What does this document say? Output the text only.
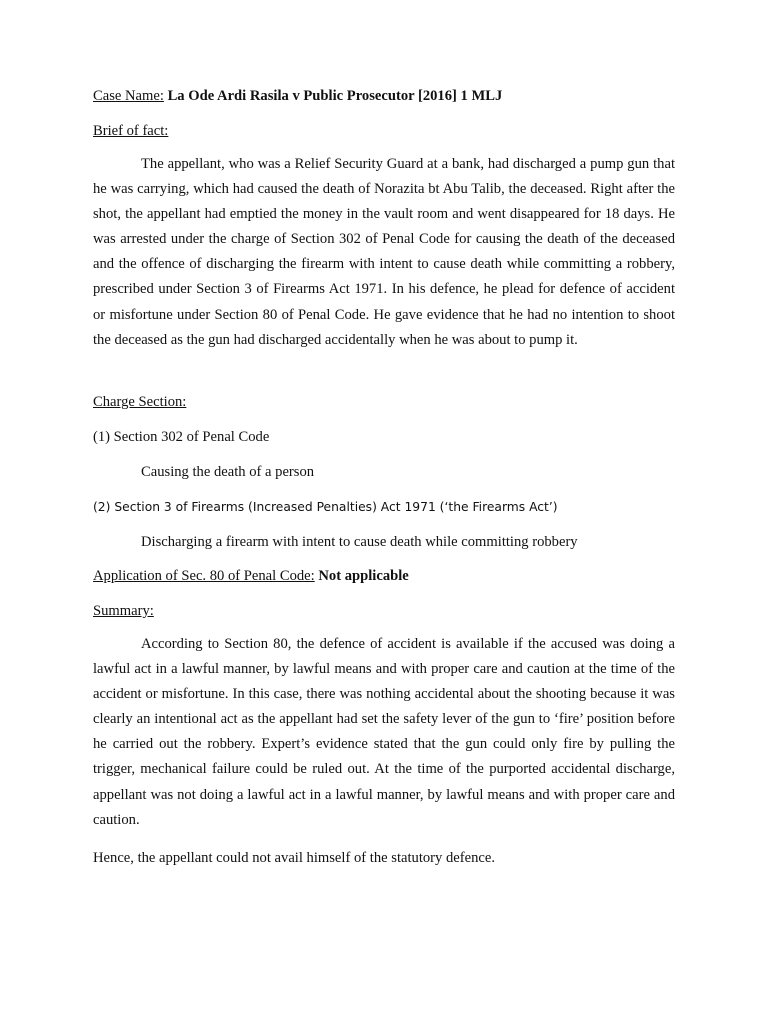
Case Name: La Ode Ardi Rasila v Public Prosecutor [2016] 1 MLJ
Brief of fact:

The appellant, who was a Relief Security Guard at a bank, had discharged a pump gun that he was carrying, which had caused the death of Norazita bt Abu Talib, the deceased. Right after the shot, the appellant had emptied the money in the vault room and went disappeared for 18 days. He was arrested under the charge of Section 302 of Penal Code for causing the death of the deceased and the offence of discharging the firearm with intent to cause death while committing a robbery, prescribed under Section 3 of Firearms Act 1971. In his defence, he plead for defence of accident or misfortune under Section 80 of Penal Code. He gave evidence that he had no intention to shoot the deceased as the gun had discharged accidentally when he was about to pump it.

Charge Section:
(1) Section 302 of Penal Code
Causing the death of a person
(2) Section 3 of Firearms (Increased Penalties) Act 1971 (‘the Firearms Act’)
Discharging a firearm with intent to cause death while committing robbery
Application of Sec. 80 of Penal Code: Not applicable
Summary:

According to Section 80, the defence of accident is available if the accused was doing a lawful act in a lawful manner, by lawful means and with proper care and caution at the time of the accident or misfortune. In this case, there was nothing accidental about the shooting because it was clearly an intentional act as the appellant had set the safety lever of the gun to ‘fire’ position before he carried out the robbery. Expert’s evidence stated that the gun could only fire by pulling the trigger, mechanical failure could be ruled out. At the time of the purported accidental discharge, appellant was not doing a lawful act in a lawful manner, by lawful means and with proper care and caution.

Hence, the appellant could not avail himself of the statutory defence.
